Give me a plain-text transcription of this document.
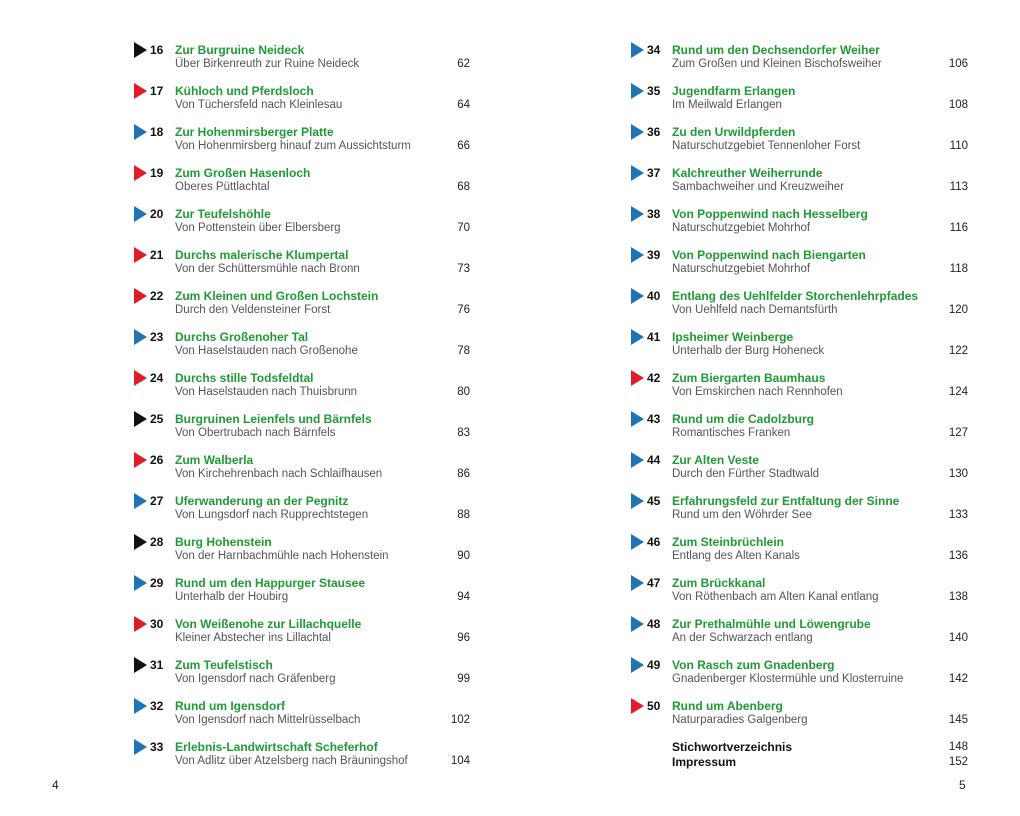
16 Zur Burgruine Neideck
Über Birkenreuth zur Ruine Neideck	62
17 Kühloch und Pferdsloch
Von Tüchersfeld nach Kleinlesau	64
18 Zur Hohenmirsberger Platte
Von Hohenmirsberg hinauf zum Aussichtsturm	66
19 Zum Großen Hasenloch
Oberes Püttlachtal	68
20 Zur Teufelshöhle
Von Pottenstein über Elbersberg	70
21 Durchs malerische Klumpertal
Von der Schüttersmühle nach Bronn	73
22 Zum Kleinen und Großen Lochstein
Durch den Veldensteiner Forst	76
23 Durchs Großenoher Tal
Von Haselstauden nach Großenohe	78
24 Durchs stille Todsfeldtal
Von Haselstauden nach Thuisbrunn	80
25 Burgruinen Leienfels und Bärnfels
Von Obertrubach nach Bärnfels	83
26 Zum Walberla
Von Kirchehrenbach nach Schlaifhausen	86
27 Uferwanderung an der Pegnitz
Von Lungsdorf nach Rupprechtstegen	88
28 Burg Hohenstein
Von der Harnbachmühle nach Hohenstein	90
29 Rund um den Happurger Stausee
Unterhalb der Houbirg	94
30 Von Weißenohe zur Lillachquelle
Kleiner Abstecher ins Lillachtal	96
31 Zum Teufelstisch
Von Igensdorf nach Gräfenberg	99
32 Rund um Igensdorf
Von Igensdorf nach Mittelrüsselbach	102
33 Erlebnis-Landwirtschaft Scheferhof
Von Adlitz über Atzelsberg nach Bräuningshof	104
34 Rund um den Dechsendorfer Weiher
Zum Großen und Kleinen Bischofsweiher	106
35 Jugendfarm Erlangen
Im Meilwald Erlangen	108
36 Zu den Urwildpferden
Naturschutzgebiet Tennenloher Forst	110
37 Kalchreuther Weiherrunde
Sambachweiher und Kreuzweiher	113
38 Von Poppenwind nach Hesselberg
Naturschutzgebiet Mohrhof	116
39 Von Poppenwind nach Biengarten
Naturschutzgebiet Mohrhof	118
40 Entlang des Uehlfelder Storchenlehrpfades
Von Uehlfeld nach Demantsfürth	120
41 Ipsheimer Weinberge
Unterhalb der Burg Hoheneck	122
42 Zum Biergarten Baumhaus
Von Emskirchen nach Rennhofen	124
43 Rund um die Cadolzburg
Romantisches Franken	127
44 Zur Alten Veste
Durch den Fürther Stadtwald	130
45 Erfahrungsfeld zur Entfaltung der Sinne
Rund um den Wöhrder See	133
46 Zum Steinbrüchlein
Entlang des Alten Kanals	136
47 Zum Brückkanal
Von Röthenbach am Alten Kanal entlang	138
48 Zur Prethalmühle und Löwengrube
An der Schwarzach entlang	140
49 Von Rasch zum Gnadenberg
Gnadenberger Klostermühle und Klosterruine	142
50 Rund um Abenberg
Naturparadies Galgenberg	145
Stichwortverzeichnis	148
Impressum	152
4	5
